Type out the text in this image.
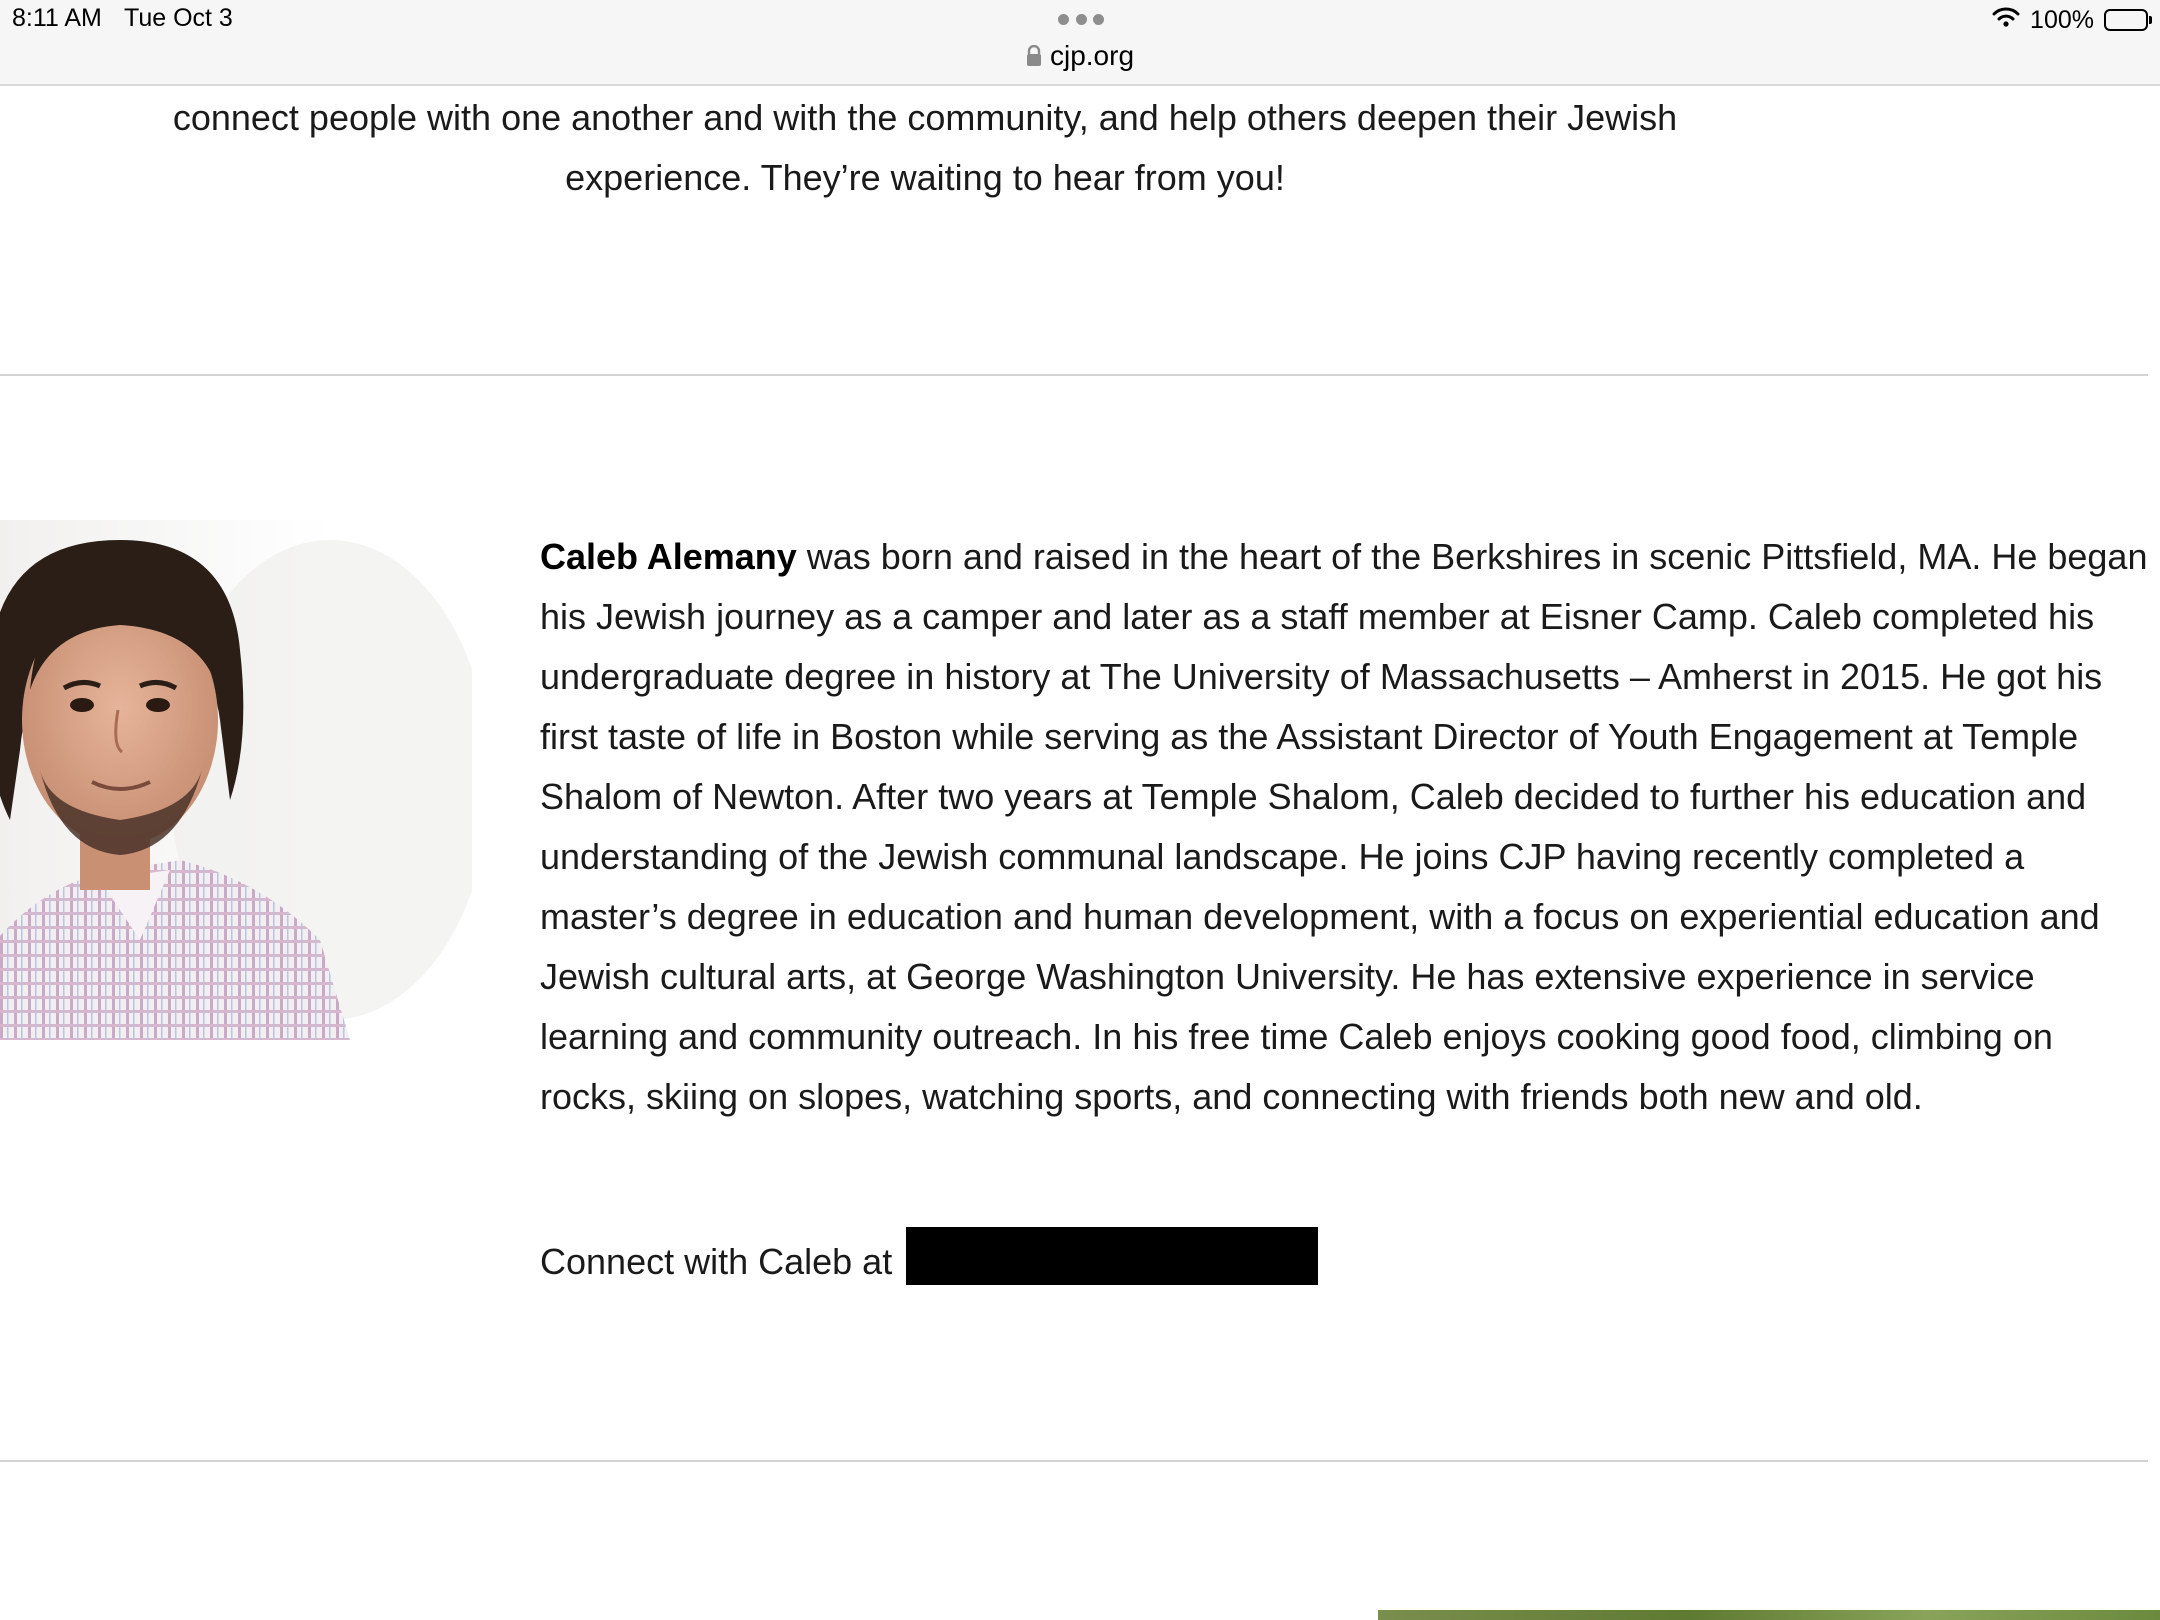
8:11 AM Tue Oct 3
cjp.org
100%
connect people with one another and with the community, and help others deepen their Jewish
experience. They’re waiting to hear from you!
Caleb Alemany was born and raised in the heart of the Berkshires in scenic Pittsfield, MA. He began his Jewish journey as a camper and later as a staff member at Eisner Camp. Caleb completed his undergraduate degree in history at The University of Massachusetts – Amherst in 2015. He got his first taste of life in Boston while serving as the Assistant Director of Youth Engagement at Temple Shalom of Newton. After two years at Temple Shalom, Caleb decided to further his education and understanding of the Jewish communal landscape. He joins CJP having recently completed a master’s degree in education and human development, with a focus on experiential education and Jewish cultural arts, at George Washington University. He has extensive experience in service learning and community outreach. In his free time Caleb enjoys cooking good food, climbing on rocks, skiing on slopes, watching sports, and connecting with friends both new and old.
Connect with Caleb at
